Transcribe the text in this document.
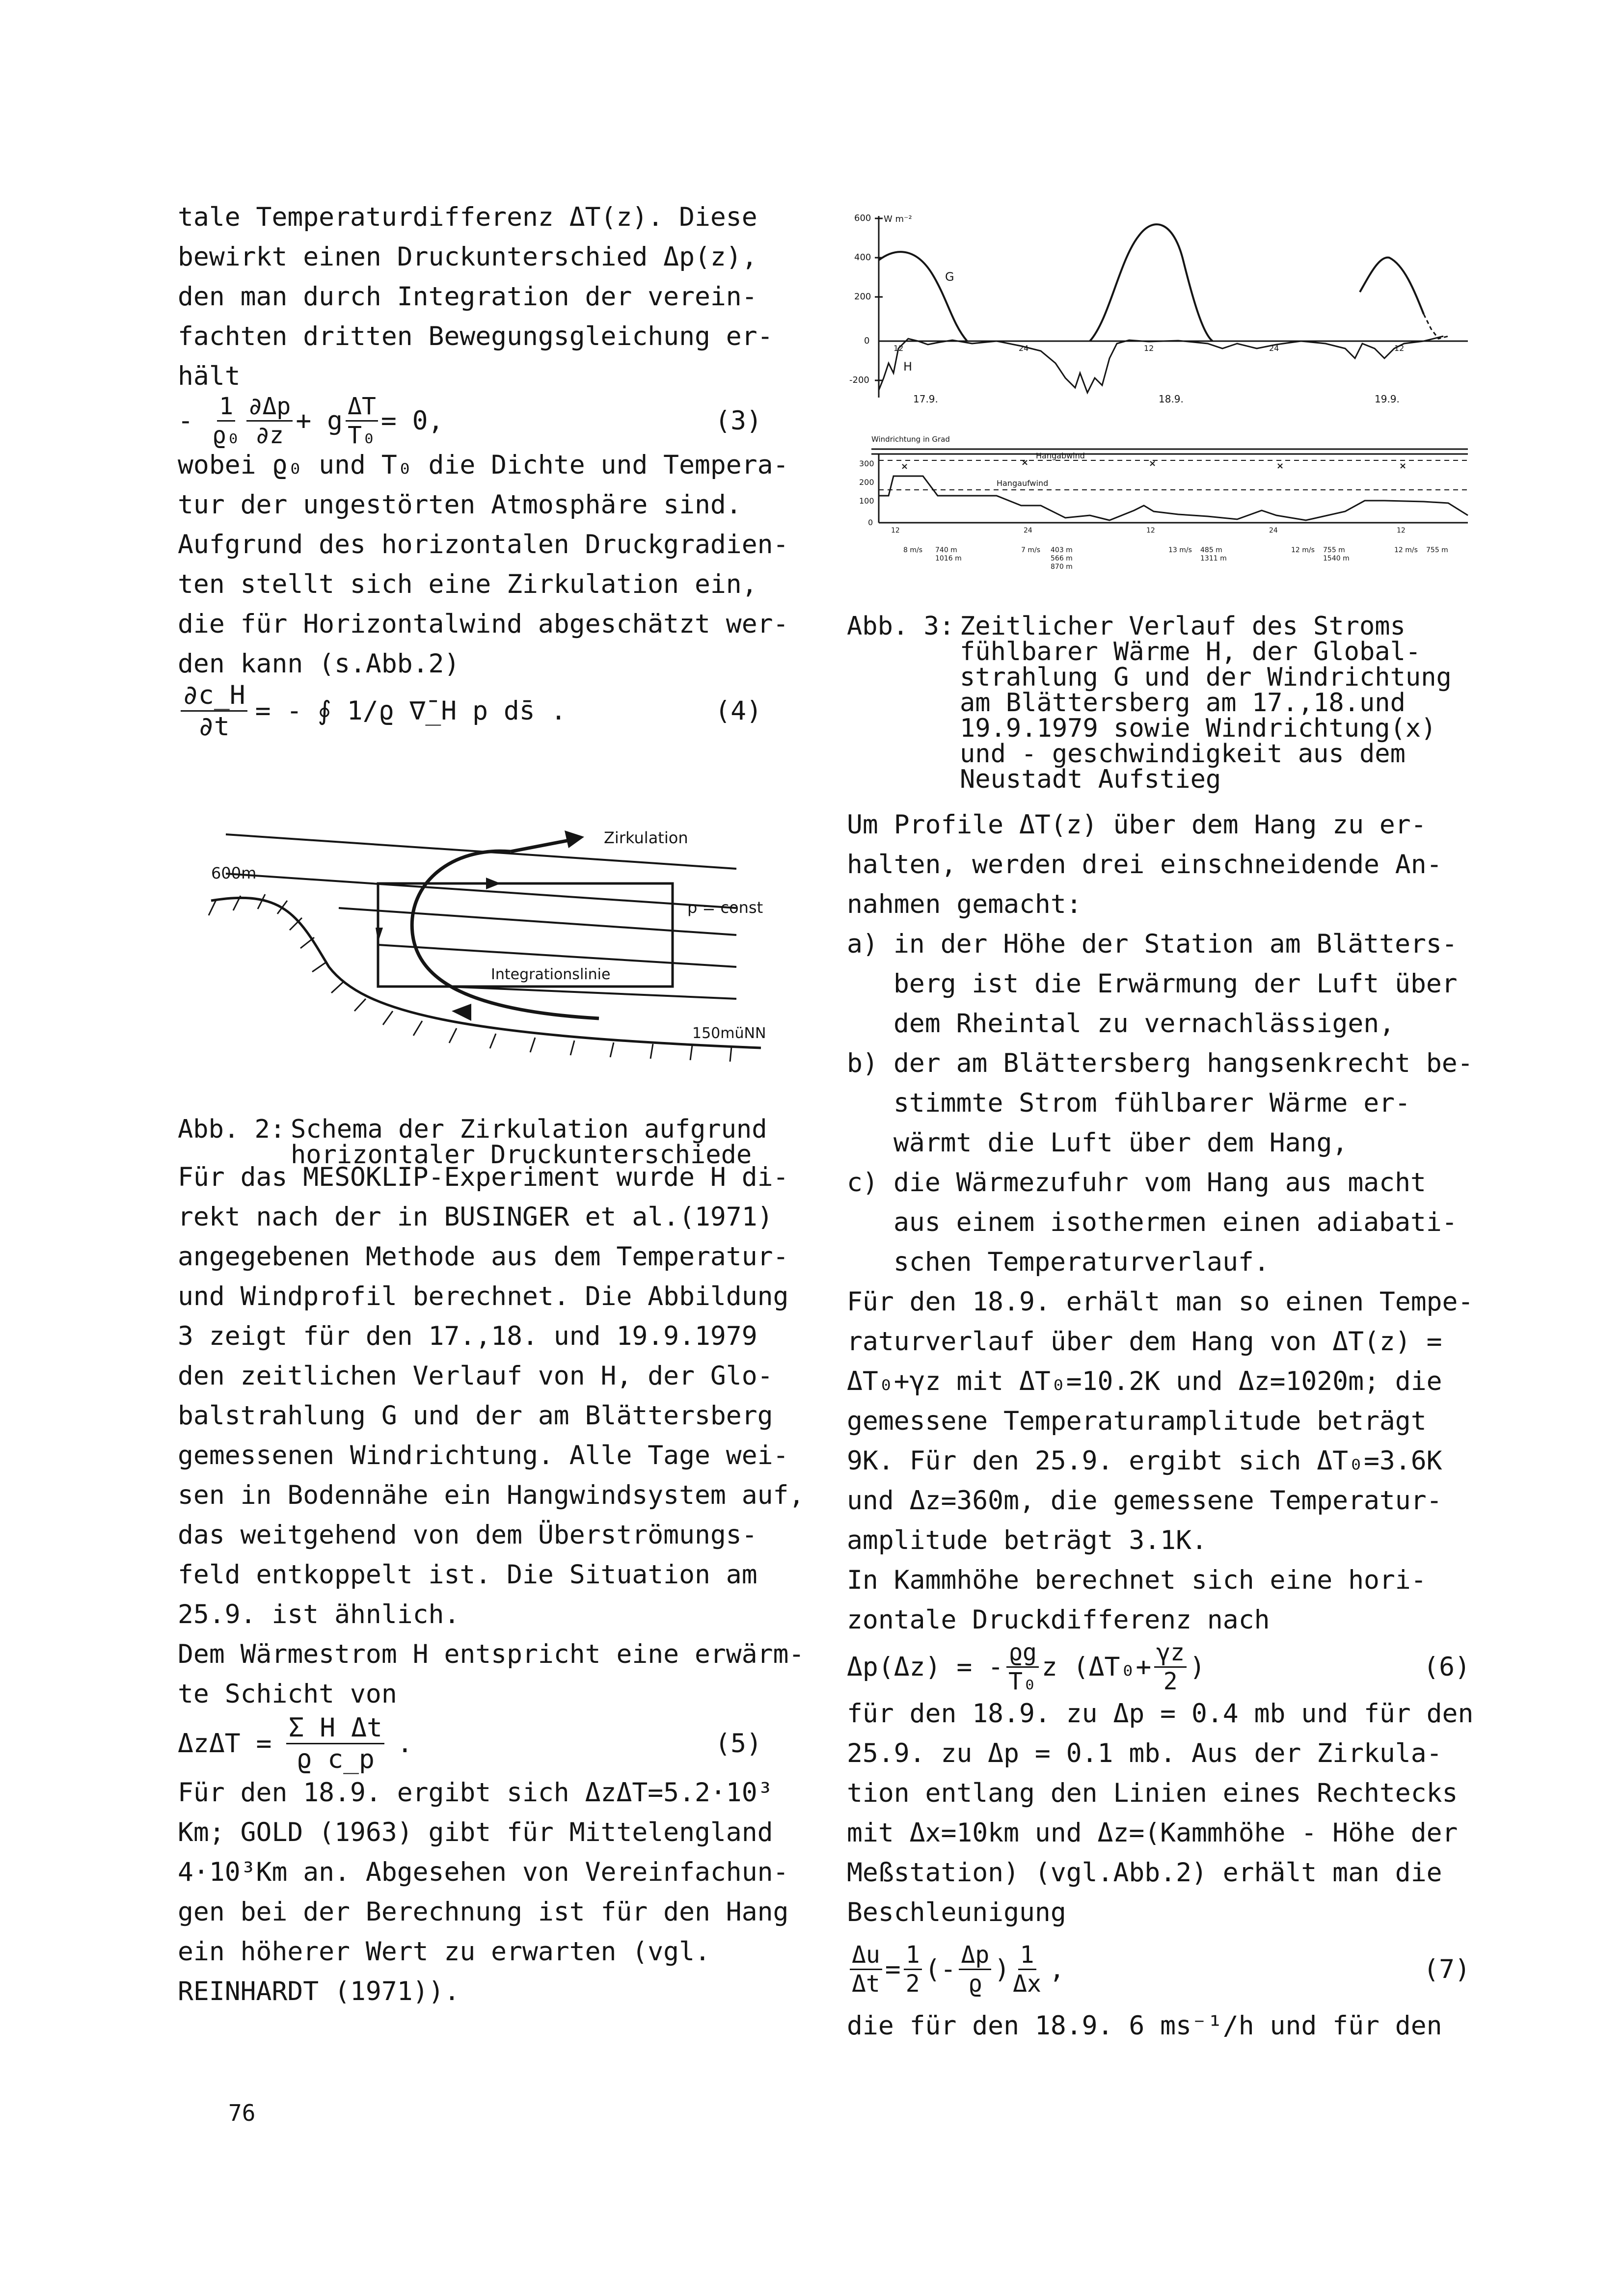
tale Temperaturdifferenz ΔT(z). Diese

bewirkt einen Druckunterschied Δp(z),

den man durch Integration der verein-

fachten dritten Bewegungsgleichung er-

hält

- $\frac{1}{\text{ϱ₀}} \frac{\partial\Delta p}{\partial z} + g \frac{\Delta T}{\text{T₀}} = 0$,	(3)

wobei ϱ₀ und T₀ die Dichte und Tempera-

tur der ungestörten Atmosphäre sind.

Aufgrund des horizontalen Druckgradien-

ten stellt sich eine Zirkulation ein,

die für Horizontalwind abgeschätzt wer-

den kann (s.Abb.2)

$\frac{\partial c\_H}{\partial t}$ = - ∮ 1/ϱ ∇̄_H p ds̄ .	(4)
Zirkulation
600m
p = const
Integrationslinie
150müNN
Abb. 2: Schema der Zirkulation aufgrund
horizontaler Druckunterschiede

Für das MESOKLIP-Experiment wurde H di-

rekt nach der in BUSINGER et al.(1971)

angegebenen Methode aus dem Temperatur-

und Windprofil berechnet. Die Abbildung

3 zeigt für den 17.,18. und 19.9.1979

den zeitlichen Verlauf von H, der Glo-

balstrahlung G und der am Blättersberg

gemessenen Windrichtung. Alle Tage wei-

sen in Bodennähe ein Hangwindsystem auf,

das weitgehend von dem Überströmungs-

feld entkoppelt ist. Die Situation am

25.9. ist ähnlich.

Dem Wärmestrom H entspricht eine erwärm-

te Schicht von

$\Delta z\Delta T = \frac{\text{Σ H Δt}}{\text{ϱ c\_p}}$ .	(5)

Für den 18.9. ergibt sich ΔzΔT=5.2·10³

Km; GOLD (1963) gibt für Mittelengland

4·10³Km an. Abgesehen von Vereinfachun-

gen bei der Berechnung ist für den Hang

ein höherer Wert zu erwarten (vgl.

REINHARDT (1971)).

600
400
200
0
-200
W m⁻²
G
H
12	24	12	24	12
17.9.	18.9.	19.9.
Windrichtung in Grad
300
200
100
0
Hangabwind
Hangaufwind
×	×	×	×	×
12	24	12	24	12
8 m/s 740 m
1016 m
7 m/s 403 m
566 m
870 m
13 m/s 485 m
1311 m
12 m/s 755 m
1540 m
12 m/s 755 m
Abb. 3: Zeitlicher Verlauf des Stroms
fühlbarer Wärme H, der Global-
strahlung G und der Windrichtung
am Blättersberg am 17.,18.und
19.9.1979 sowie Windrichtung(x)
und - geschwindigkeit aus dem
Neustadt Aufstieg

Um Profile ΔT(z) über dem Hang zu er-

halten, werden drei einschneidende An-

nahmen gemacht:

a) in der Höhe der Station am Blätters-
berg ist die Erwärmung der Luft über
dem Rheintal zu vernachlässigen,
b) der am Blättersberg hangsenkrecht be-
stimmte Strom fühlbarer Wärme er-
wärmt die Luft über dem Hang,
c) die Wärmezufuhr vom Hang aus macht
aus einem isothermen einen adiabati-
schen Temperaturverlauf.

Für den 18.9. erhält man so einen Tempe-

raturverlauf über dem Hang von ΔT(z) =

ΔT₀+γz mit ΔT₀=10.2K und Δz=1020m; die

gemessene Temperaturamplitude beträgt

9K. Für den 25.9. ergibt sich ΔT₀=3.6K

und Δz=360m, die gemessene Temperatur-

amplitude beträgt 3.1K.

In Kammhöhe berechnet sich eine hori-

zontale Druckdifferenz nach

Δp(Δz) = - $\frac{ϱg}{\text{T₀}}$ z ($\Delta T_0+ \frac{\gamma z}{2}$ )	(6)

für den 18.9. zu Δp = 0.4 mb und für den

25.9. zu Δp = 0.1 mb. Aus der Zirkula-

tion entlang den Linien eines Rechtecks

mit Δx=10km und Δz=(Kammhöhe - Höhe der

Meßstation) (vgl.Abb.2) erhält man die

Beschleunigung

$\frac{\Delta u}{\Delta t} = \frac{1}{2}$ (- $\frac{\Delta p}{ϱ}$ ) $\frac{1}{\Delta x}$ ,	(7)

die für den 18.9. 6 ms⁻¹/h und für den

76
